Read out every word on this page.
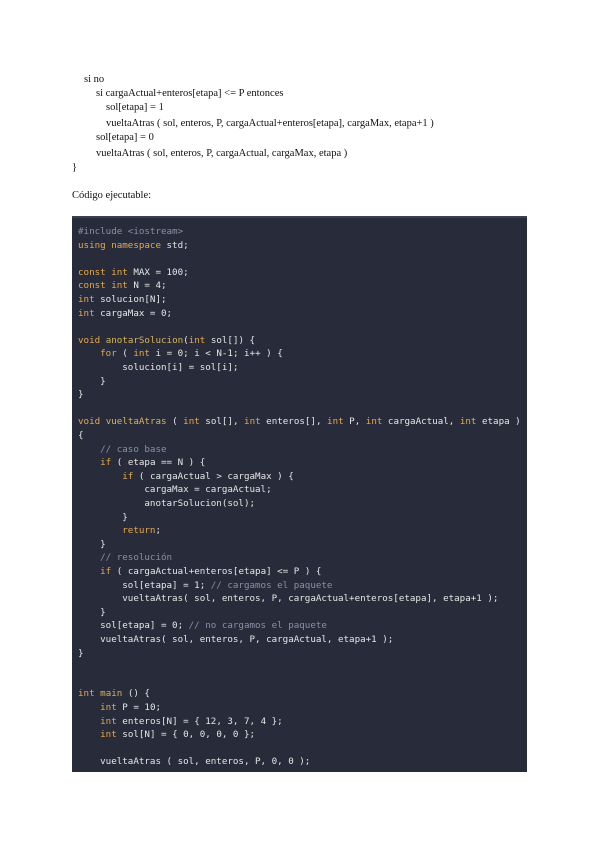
si no
si cargaActual+enteros[etapa] <= P entonces
sol[etapa] = 1
vueltaAtras ( sol, enteros, P, cargaActual+enteros[etapa], cargaMax, etapa+1 )
sol[etapa] = 0
vueltaAtras ( sol, enteros, P, cargaActual, cargaMax, etapa )
}
Código ejecutable:
#include <iostream>
using namespace std;
const int MAX = 100;
const int N = 4;
int solucion[N];
int cargaMax = 0;
void anotarSolucion(int sol[]) {
for ( int i = 0; i < N-1; i++ ) {
solucion[i] = sol[i];
}
}
void vueltaAtras ( int sol[], int enteros[], int P, int cargaActual, int etapa )
{
// caso base
if ( etapa == N ) {
if ( cargaActual > cargaMax ) {
cargaMax = cargaActual;
anotarSolucion(sol);
}
return;
}
// resolución
if ( cargaActual+enteros[etapa] <= P ) {
sol[etapa] = 1; // cargamos el paquete
vueltaAtras( sol, enteros, P, cargaActual+enteros[etapa], etapa+1 );
}
sol[etapa] = 0; // no cargamos el paquete
vueltaAtras( sol, enteros, P, cargaActual, etapa+1 );
}
int main () {
int P = 10;
int enteros[N] = { 12, 3, 7, 4 };
int sol[N] = { 0, 0, 0, 0 };
vueltaAtras ( sol, enteros, P, 0, 0 );
